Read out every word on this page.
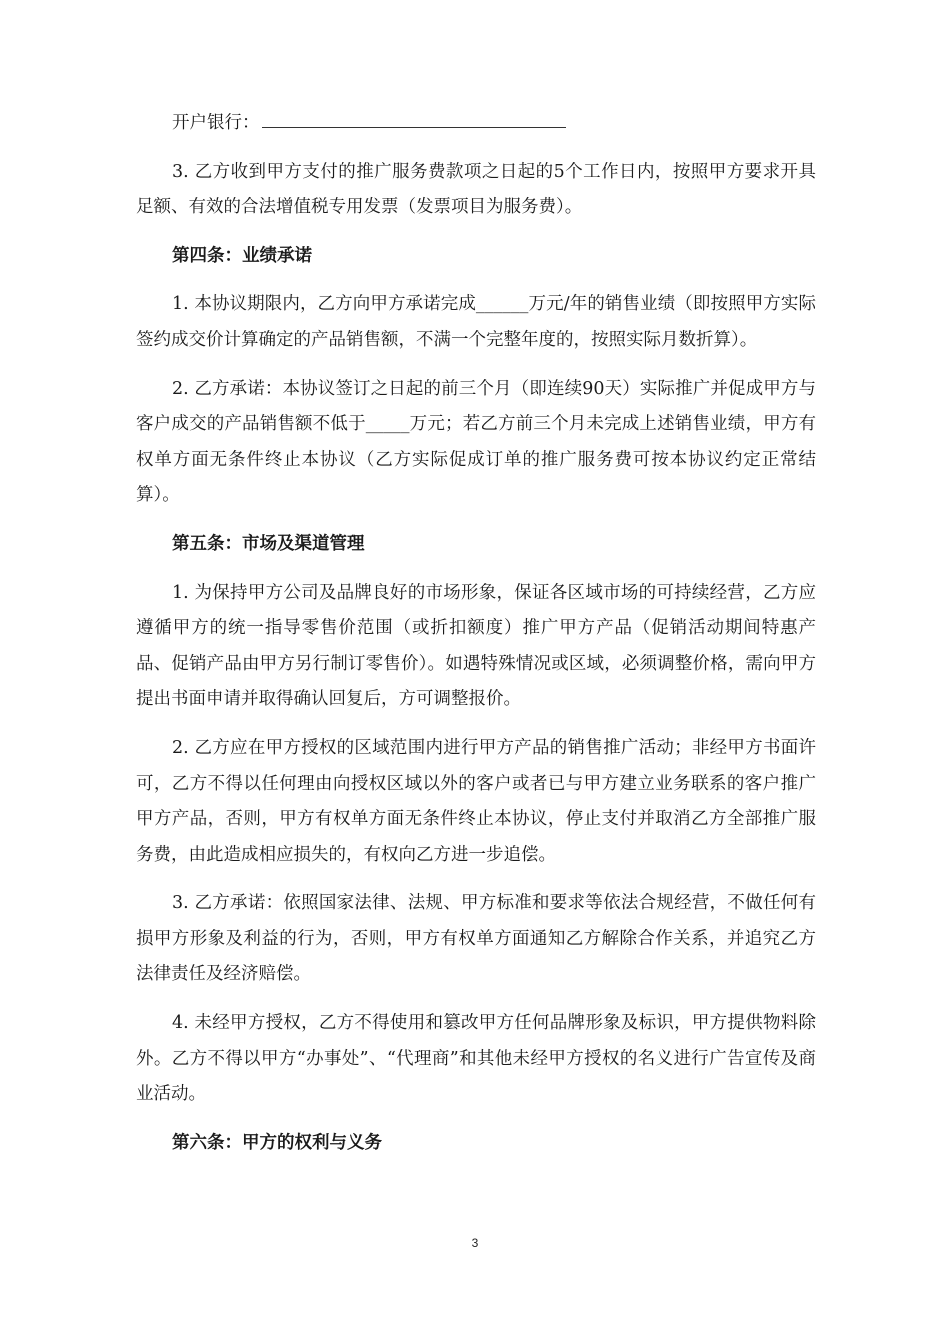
开户银行：

3. 乙方收到甲方支付的推广服务费款项之日起的5个工作日内，按照甲方要求开具足额、有效的合法增值税专用发票（发票项目为服务费）。

第四条：业绩承诺

1. 本协议期限内，乙方向甲方承诺完成______万元/年的销售业绩（即按照甲方实际签约成交价计算确定的产品销售额，不满一个完整年度的，按照实际月数折算）。

2. 乙方承诺：本协议签订之日起的前三个月（即连续90天）实际推广并促成甲方与客户成交的产品销售额不低于_____万元；若乙方前三个月未完成上述销售业绩，甲方有权单方面无条件终止本协议（乙方实际促成订单的推广服务费可按本协议约定正常结算）。

第五条：市场及渠道管理

1. 为保持甲方公司及品牌良好的市场形象，保证各区域市场的可持续经营，乙方应遵循甲方的统一指导零售价范围（或折扣额度）推广甲方产品（促销活动期间特惠产品、促销产品由甲方另行制订零售价）。如遇特殊情况或区域，必须调整价格，需向甲方提出书面申请并取得确认回复后，方可调整报价。

2. 乙方应在甲方授权的区域范围内进行甲方产品的销售推广活动；非经甲方书面许可，乙方不得以任何理由向授权区域以外的客户或者已与甲方建立业务联系的客户推广甲方产品，否则，甲方有权单方面无条件终止本协议，停止支付并取消乙方全部推广服务费，由此造成相应损失的，有权向乙方进一步追偿。

3. 乙方承诺：依照国家法律、法规、甲方标准和要求等依法合规经营，不做任何有损甲方形象及利益的行为，否则，甲方有权单方面通知乙方解除合作关系，并追究乙方法律责任及经济赔偿。

4. 未经甲方授权，乙方不得使用和篡改甲方任何品牌形象及标识，甲方提供物料除外。乙方不得以甲方“办事处”、“代理商”和其他未经甲方授权的名义进行广告宣传及商业活动。

第六条：甲方的权利与义务

3
